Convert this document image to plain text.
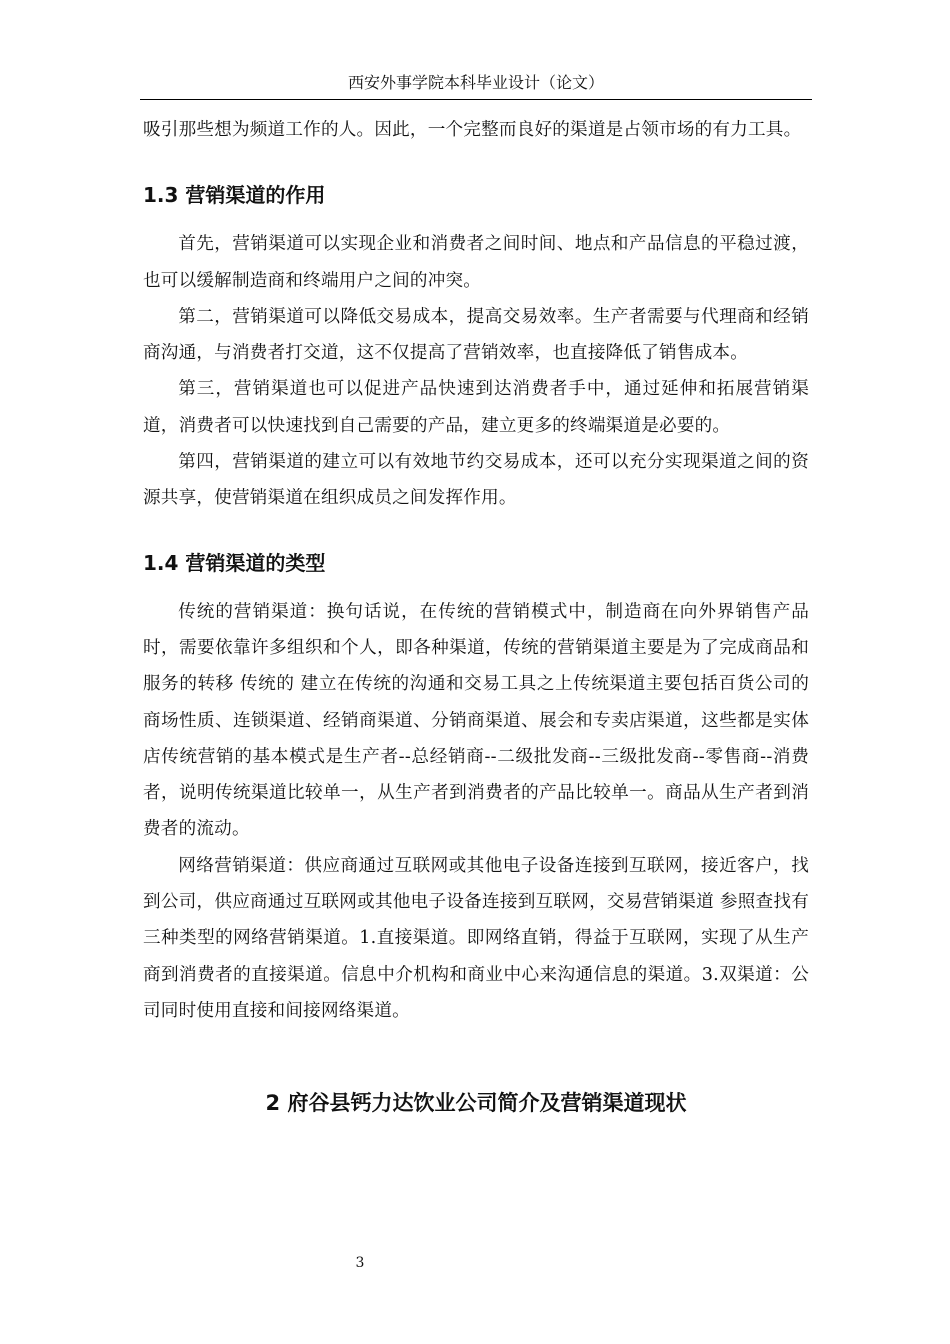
西安外事学院本科毕业设计（论文）

吸引那些想为频道工作的人。因此，一个完整而良好的渠道是占领市场的有力工具。

1.3 营销渠道的作用

首先，营销渠道可以实现企业和消费者之间时间、地点和产品信息的平稳过渡，也可以缓解制造商和终端用户之间的冲突。

第二，营销渠道可以降低交易成本，提高交易效率。生产者需要与代理商和经销商沟通，与消费者打交道，这不仅提高了营销效率，也直接降低了销售成本。

第三，营销渠道也可以促进产品快速到达消费者手中，通过延伸和拓展营销渠道，消费者可以快速找到自己需要的产品，建立更多的终端渠道是必要的。

第四，营销渠道的建立可以有效地节约交易成本，还可以充分实现渠道之间的资源共享，使营销渠道在组织成员之间发挥作用。

1.4 营销渠道的类型

传统的营销渠道：换句话说，在传统的营销模式中，制造商在向外界销售产品时，需要依靠许多组织和个人，即各种渠道，传统的营销渠道主要是为了完成商品和服务的转移 传统的 建立在传统的沟通和交易工具之上传统渠道主要包括百货公司的商场性质、连锁渠道、经销商渠道、分销商渠道、展会和专卖店渠道，这些都是实体店传统营销的基本模式是生产者--总经销商--二级批发商--三级批发商--零售商--消费者，说明传统渠道比较单一，从生产者到消费者的产品比较单一。商品从生产者到消费者的流动。

网络营销渠道：供应商通过互联网或其他电子设备连接到互联网，接近客户，找到公司，供应商通过互联网或其他电子设备连接到互联网，交易营销渠道 参照查找有三种类型的网络营销渠道。1.直接渠道。即网络直销，得益于互联网，实现了从生产商到消费者的直接渠道。信息中介机构和商业中心来沟通信息的渠道。3.双渠道：公司同时使用直接和间接网络渠道。

2 府谷县钙力达饮业公司简介及营销渠道现状
3
